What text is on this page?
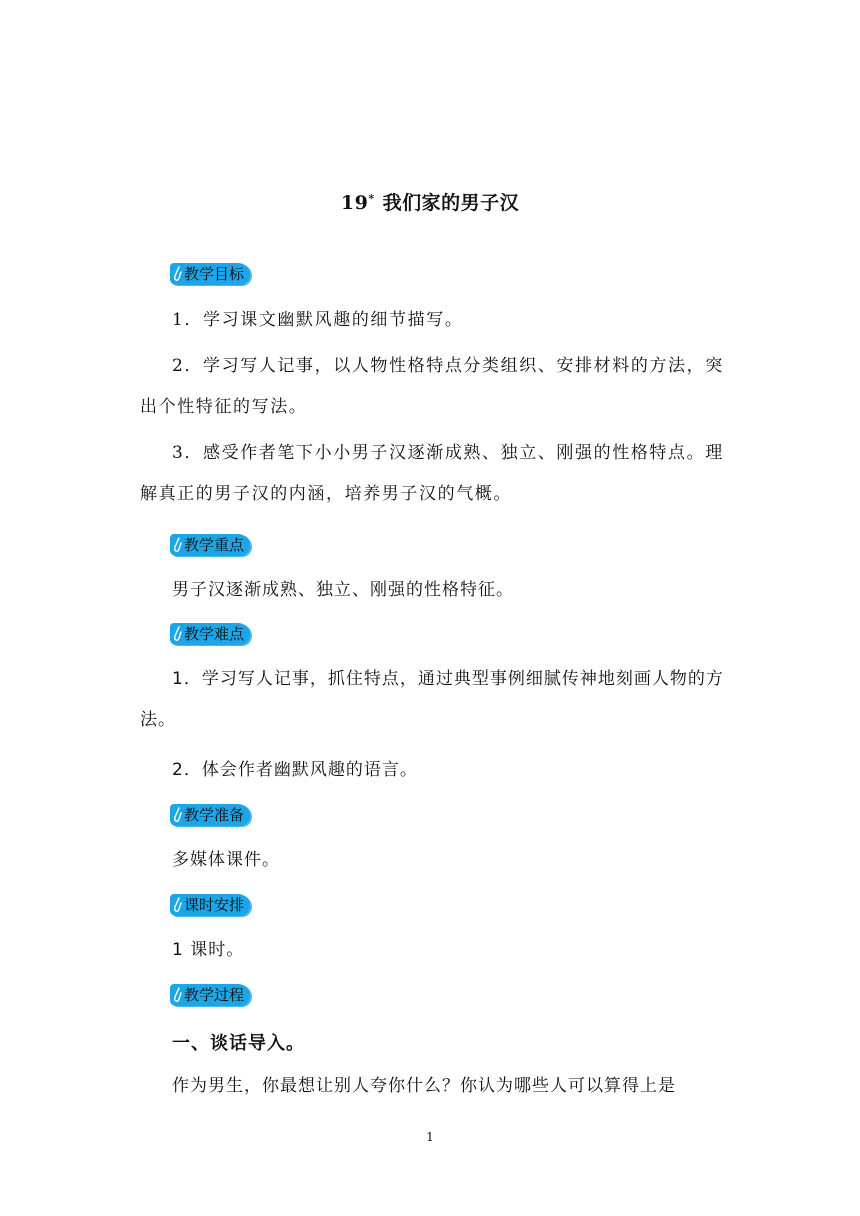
19* 我们家的男子汉
教学目标
1．学习课文幽默风趣的细节描写。
2．学习写人记事，以人物性格特点分类组织、安排材料的方法，突出个性特征的写法。
3．感受作者笔下小小男子汉逐渐成熟、独立、刚强的性格特点。理解真正的男子汉的内涵，培养男子汉的气概。
教学重点
男子汉逐渐成熟、独立、刚强的性格特征。
教学难点
1．学习写人记事，抓住特点，通过典型事例细腻传神地刻画人物的方法。
2．体会作者幽默风趣的语言。
教学准备
多媒体课件。
课时安排
1 课时。
教学过程
一、谈话导入。
作为男生，你最想让别人夸你什么？你认为哪些人可以算得上是
1
